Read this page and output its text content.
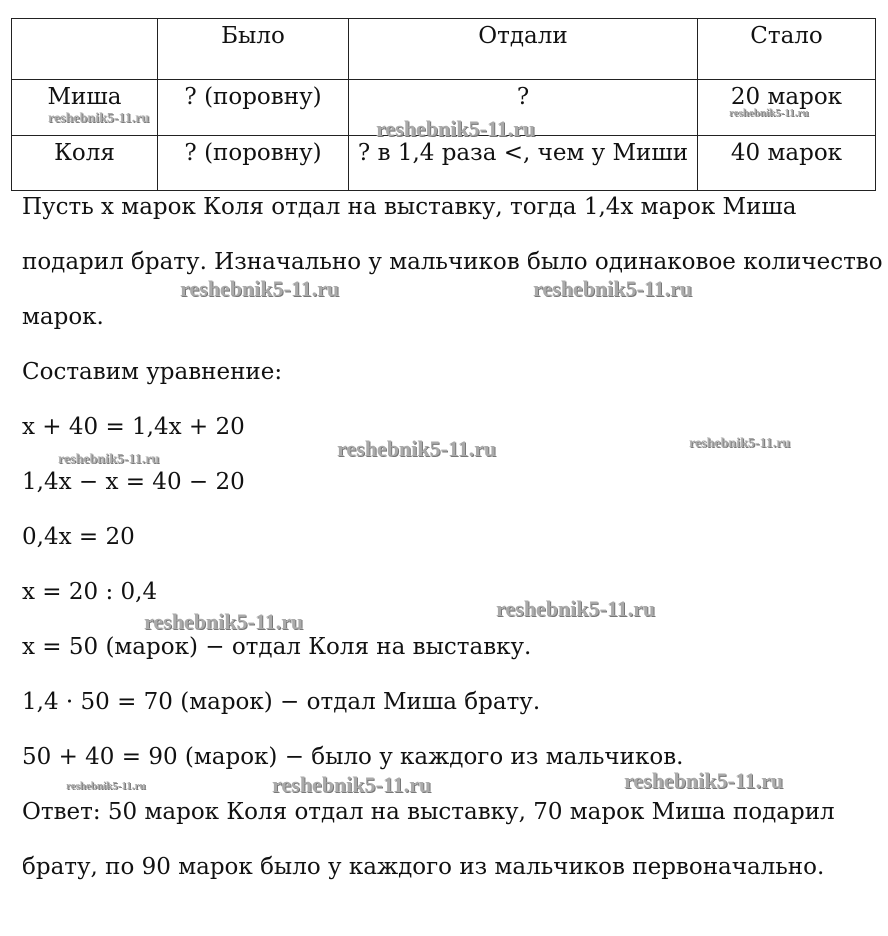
	Было	Отдали	Стало
Миша	? (поровну)	?	20 марок
Коля	? (поровну)	? в 1,4 раза <, чем у Миши	40 марок
Пусть x марок Коля отдал на выставку, тогда 1,4x марок Миша
подарил брату. Изначально у мальчиков было одинаковое количество
марок.
Составим уравнение:
x + 40 = 1,4x + 20
1,4x − x = 40 − 20
0,4x = 20
x = 20 : 0,4
x = 50 (марок) − отдал Коля на выставку.
1,4 · 50 = 70 (марок) − отдал Миша брату.
50 + 40 = 90 (марок) − было у каждого из мальчиков.
Ответ: 50 марок Коля отдал на выставку, 70 марок Миша подарил
брату, по 90 марок было у каждого из мальчиков первоначально.
reshebnik5-11.ru	reshebnik5-11.ru
reshebnik5-11.ru
reshebnik5-11.ru	reshebnik5-11.ru
reshebnik5-11.ru	reshebnik5-11.ru
reshebnik5-11.ru
reshebnik5-11.ru
reshebnik5-11.ru
reshebnik5-11.ru	reshebnik5-11.ru	reshebnik5-11.ru
